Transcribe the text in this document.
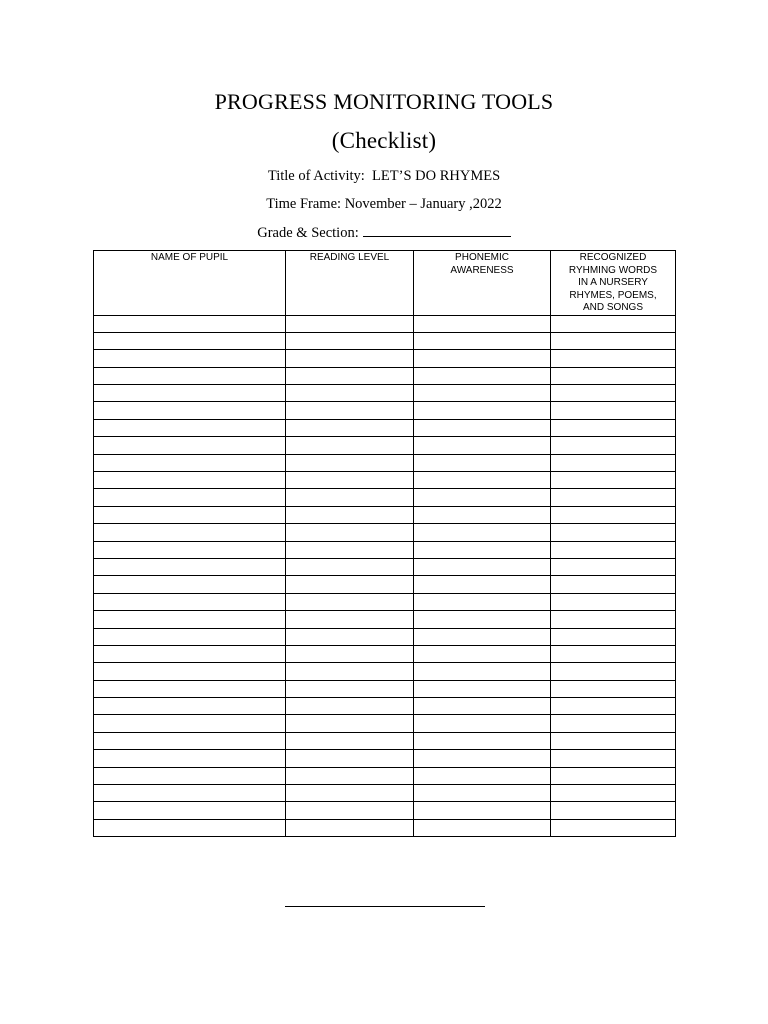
PROGRESS MONITORING TOOLS
(Checklist)
Title of Activity: LET’S DO RHYMES
Time Frame: November – January ,2022
Grade & Section:
NAME OF PUPIL	READING LEVEL	PHONEMIC AWARENESS	RECOGNIZED RYHMING WORDS IN A NURSERY RHYMES, POEMS, AND SONGS
